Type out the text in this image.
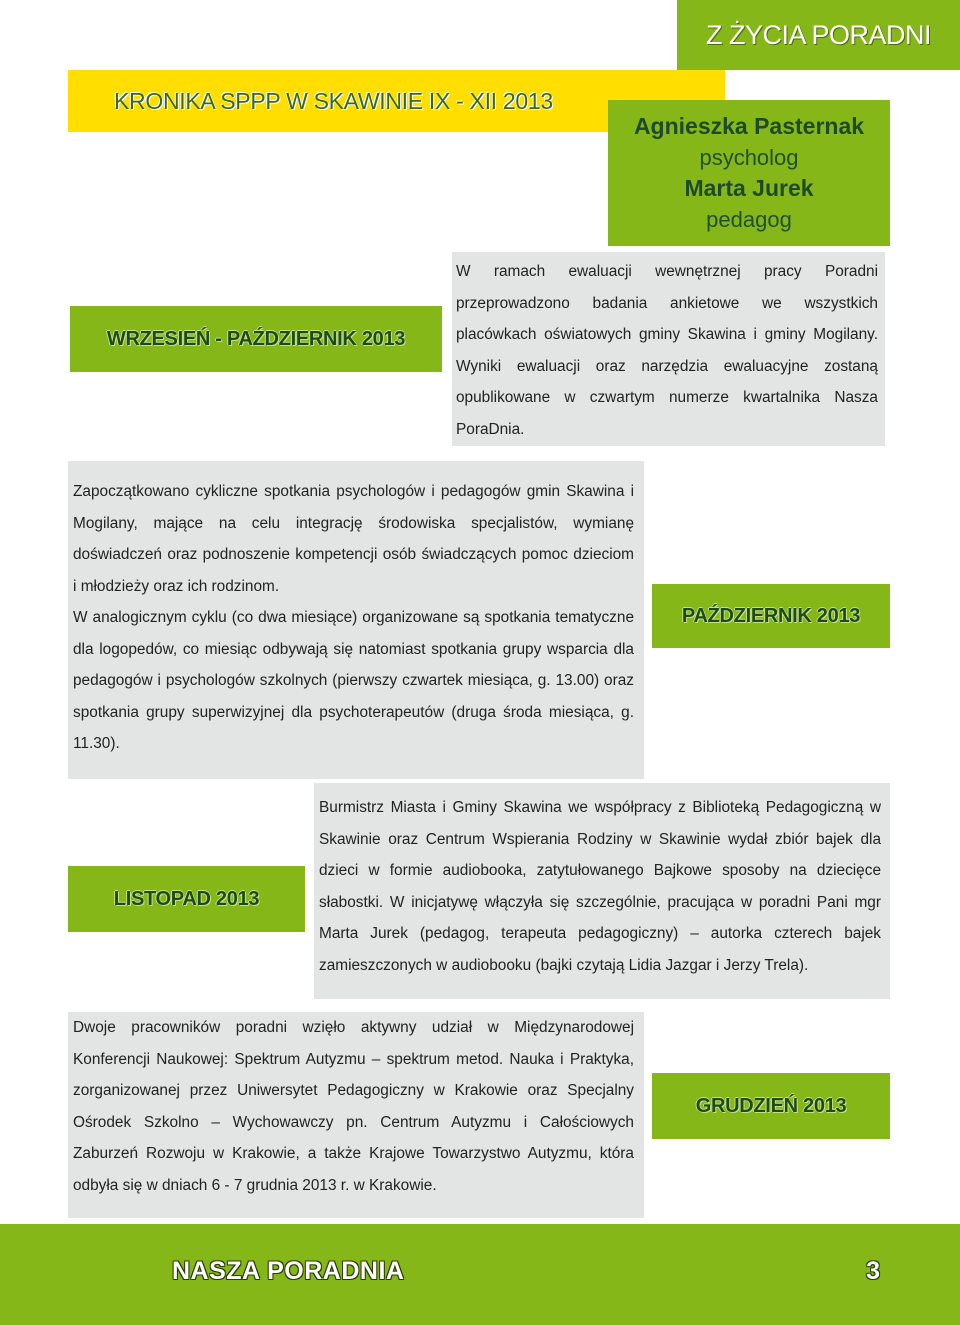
KRONIKA SPPP W SKAWINIE IX - XII 2013
Z ŻYCIA PORADNI
Agnieszka Pasternak
psycholog
Marta Jurek
pedagog
WRZESIEŃ - PAŹDZIERNIK 2013

W ramach ewaluacji wewnętrznej pracy Poradni przeprowadzono badania ankietowe we wszystkich placówkach oświatowych gminy Skawina i gminy Mogilany. Wyniki ewaluacji oraz narzędzia ewaluacyjne zostaną opublikowane w czwartym numerze kwartalnika Nasza PoraDnia.

Zapoczątkowano cykliczne spotkania psychologów i pedagogów gmin Skawina i Mogilany, mające na celu integrację środowiska specjalistów, wymianę doświadczeń oraz podnoszenie kompetencji osób świadczących pomoc dzieciom i młodzieży oraz ich rodzinom.

W analogicznym cyklu (co dwa miesiące) organizowane są spotkania tematyczne dla logopedów, co miesiąc odbywają się natomiast spotkania grupy wsparcia dla pedagogów i psychologów szkolnych (pierwszy czwartek miesiąca, g. 13.00) oraz spotkania grupy superwizyjnej dla psychoterapeutów (druga środa miesiąca, g. 11.30).

PAŹDZIERNIK 2013

Burmistrz Miasta i Gminy Skawina we współpracy z Biblioteką Pedagogiczną w Skawinie oraz Centrum Wspierania Rodziny w Skawinie wydał zbiór bajek dla dzieci w formie audiobooka, zatytułowanego Bajkowe sposoby na dziecięce słabostki. W inicjatywę włączyła się szczególnie, pracująca w poradni Pani mgr Marta Jurek (pedagog, terapeuta pedagogiczny) – autorka czterech bajek zamieszczonych w audiobooku (bajki czytają Lidia Jazgar i Jerzy Trela).

LISTOPAD 2013

Dwoje pracowników poradni wzięło aktywny udział w Międzynarodowej Konferencji Naukowej: Spektrum Autyzmu – spektrum metod. Nauka i Praktyka, zorganizowanej przez Uniwersytet Pedagogiczny w Krakowie oraz Specjalny Ośrodek Szkolno – Wychowawczy pn. Centrum Autyzmu i Całościowych Zaburzeń Rozwoju w Krakowie, a także Krajowe Towarzystwo Autyzmu, która odbyła się w dniach 6 - 7 grudnia 2013 r. w Krakowie.

GRUDZIEŃ 2013
NASZA PORADNIA	3
